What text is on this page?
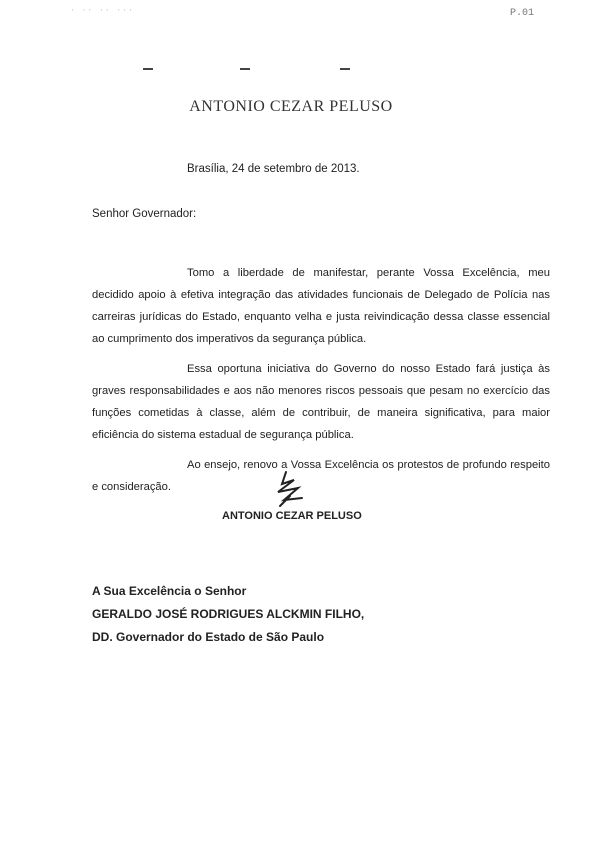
· ·· ·· ···	P.01
ANTONIO CEZAR PELUSO
Brasília, 24 de setembro de 2013.
Senhor Governador:

Tomo a liberdade de manifestar, perante Vossa Excelência, meu decidido apoio à efetiva integração das atividades funcionais de Delegado de Polícia nas carreiras jurídicas do Estado, enquanto velha e justa reivindicação dessa classe essencial ao cumprimento dos imperativos da segurança pública.

Essa oportuna iniciativa do Governo do nosso Estado fará justiça às graves responsabilidades e aos não menores riscos pessoais que pesam no exercício das funções cometidas à classe, além de contribuir, de maneira significativa, para maior eficiência do sistema estadual de segurança pública.

Ao ensejo, renovo a Vossa Excelência os protestos de profundo respeito e consideração.

ANTONIO CEZAR PELUSO
A Sua Excelência o Senhor
GERALDO JOSÉ RODRIGUES ALCKMIN FILHO,
DD. Governador do Estado de São Paulo
